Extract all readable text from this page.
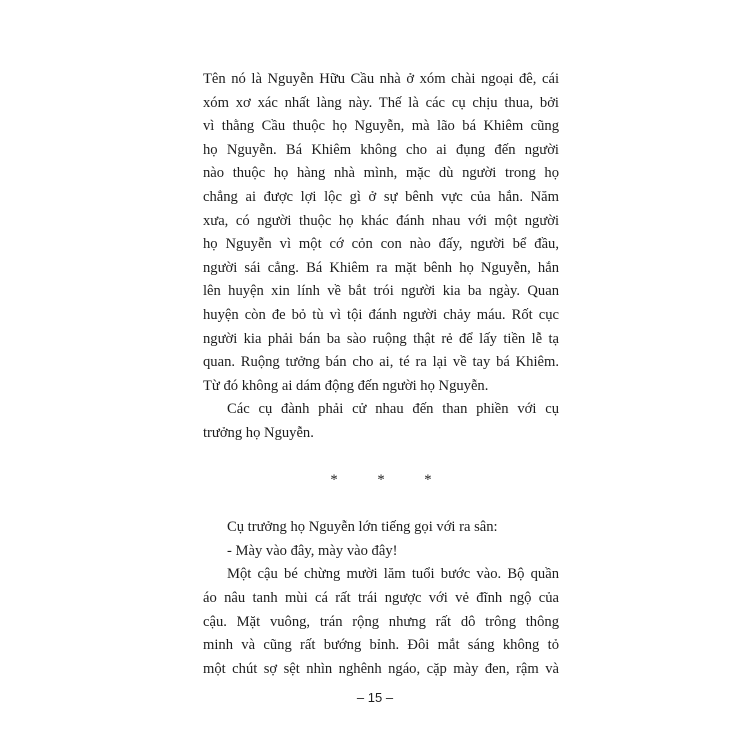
Tên nó là Nguyễn Hữu Cầu nhà ở xóm chài ngoại đê, cái
xóm xơ xác nhất làng này. Thế là các cụ chịu thua, bởi
vì thằng Cầu thuộc họ Nguyễn, mà lão bá Khiêm cũng
họ Nguyễn. Bá Khiêm không cho ai đụng đến người
nào thuộc họ hàng nhà mình, mặc dù người trong họ
chẳng ai được lợi lộc gì ở sự bênh vực của hắn. Năm
xưa, có người thuộc họ khác đánh nhau với một người
họ Nguyễn vì một cớ cỏn con nào đấy, người bể đầu,
người sái cẳng. Bá Khiêm ra mặt bênh họ Nguyễn, hắn
lên huyện xin lính về bắt trói người kia ba ngày. Quan
huyện còn đe bỏ tù vì tội đánh người chảy máu. Rốt cục
người kia phải bán ba sào ruộng thật rẻ để lấy tiền lễ tạ
quan. Ruộng tưởng bán cho ai, té ra lại về tay bá Khiêm.
Từ đó không ai dám động đến người họ Nguyễn.
Các cụ đành phải cử nhau đến than phiền với cụ
trưởng họ Nguyễn.
* * *
Cụ trưởng họ Nguyễn lớn tiếng gọi với ra sân:
- Mày vào đây, mày vào đây!
Một cậu bé chừng mười lăm tuổi bước vào. Bộ quần
áo nâu tanh mùi cá rất trái ngược với vẻ đĩnh ngộ của
cậu. Mặt vuông, trán rộng nhưng rất dô trông thông
minh và cũng rất bướng bỉnh. Đôi mắt sáng không tỏ
một chút sợ sệt nhìn nghênh ngáo, cặp mày đen, rậm và
– 15 –
